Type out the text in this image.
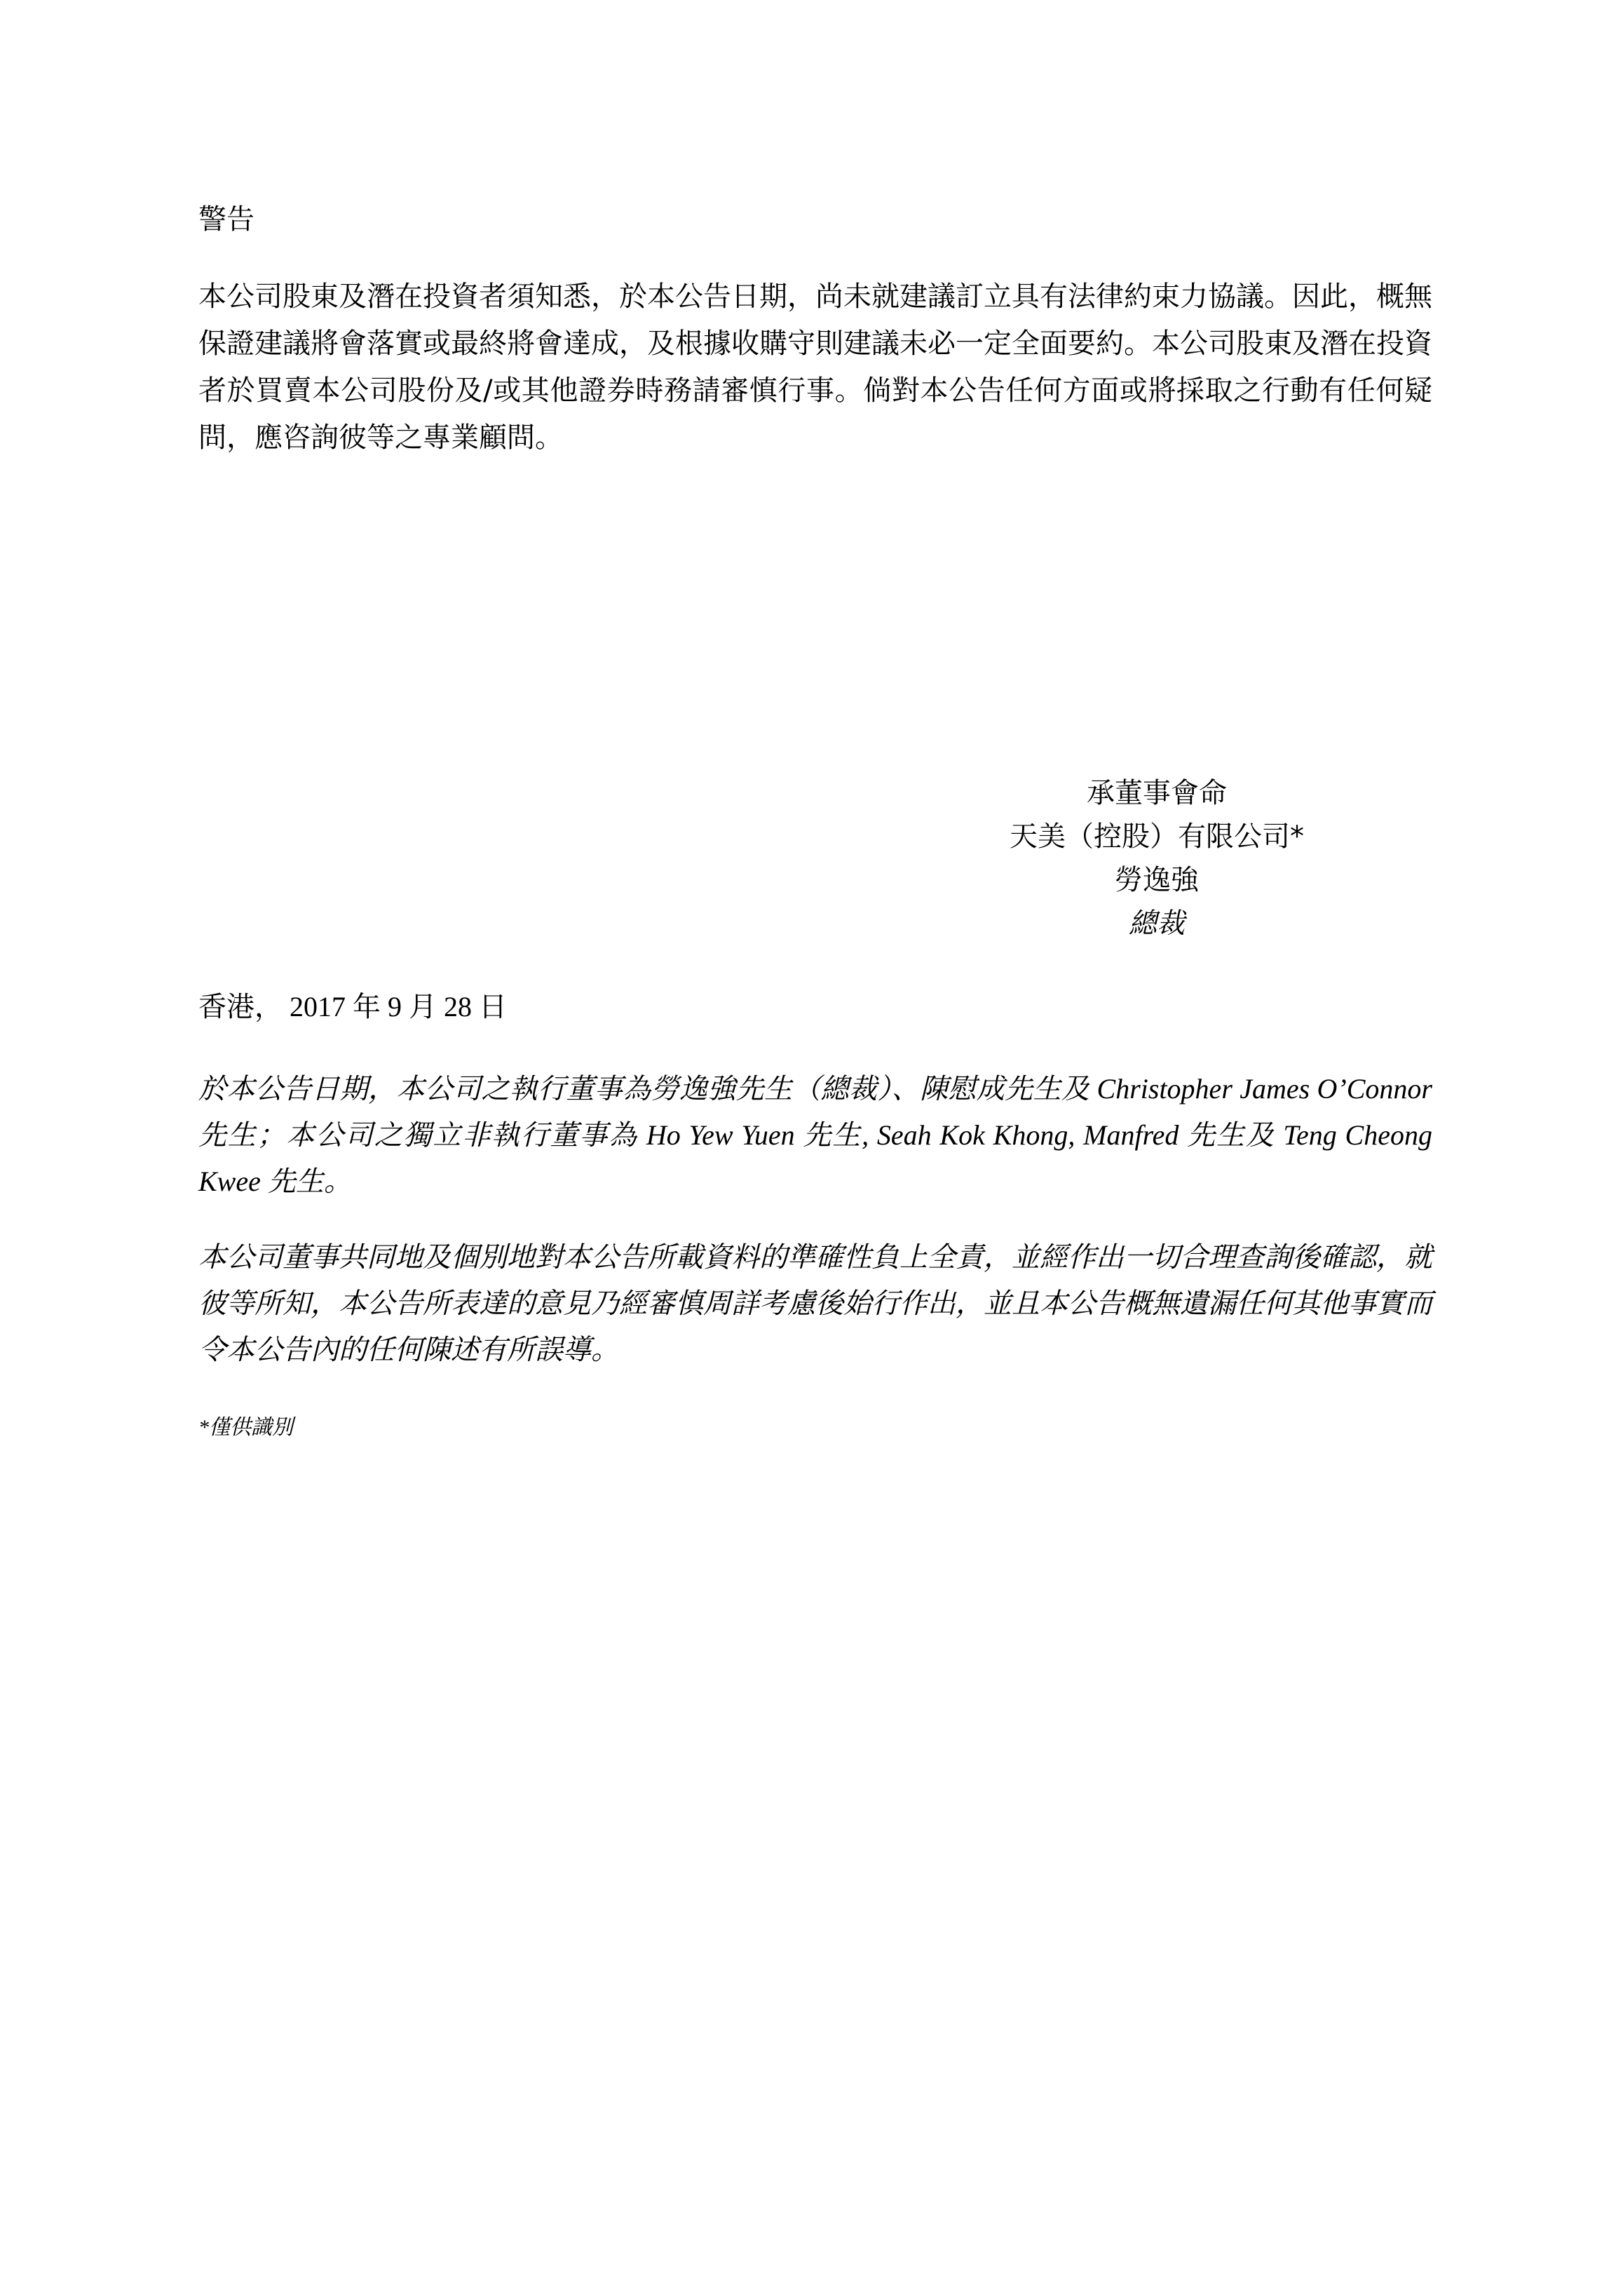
警告
本公司股東及潛在投資者須知悉，於本公告日期，尚未就建議訂立具有法律約束力協議。因此，概無保證建議將會落實或最終將會達成，及根據收購守則建議未必一定全面要約。本公司股東及潛在投資者於買賣本公司股份及/或其他證券時務請審慎行事。倘對本公告任何方面或將採取之行動有任何疑問，應咨詢彼等之專業顧問。
承董事會命
天美（控股）有限公司*
勞逸強
總裁
香港， 2017 年 9 月 28 日
於本公告日期，本公司之執行董事為勞逸強先生（總裁）、陳慰成先生及 Christopher James O’Connor 先生；本公司之獨立非執行董事為 Ho Yew Yuen 先生, Seah Kok Khong, Manfred 先生及 Teng Cheong Kwee 先生。
本公司董事共同地及個別地對本公告所載資料的準確性負上全責，並經作出一切合理查詢後確認，就彼等所知，本公告所表達的意見乃經審慎周詳考慮後始行作出，並且本公告概無遺漏任何其他事實而令本公告內的任何陳述有所誤導。
*僅供識別
